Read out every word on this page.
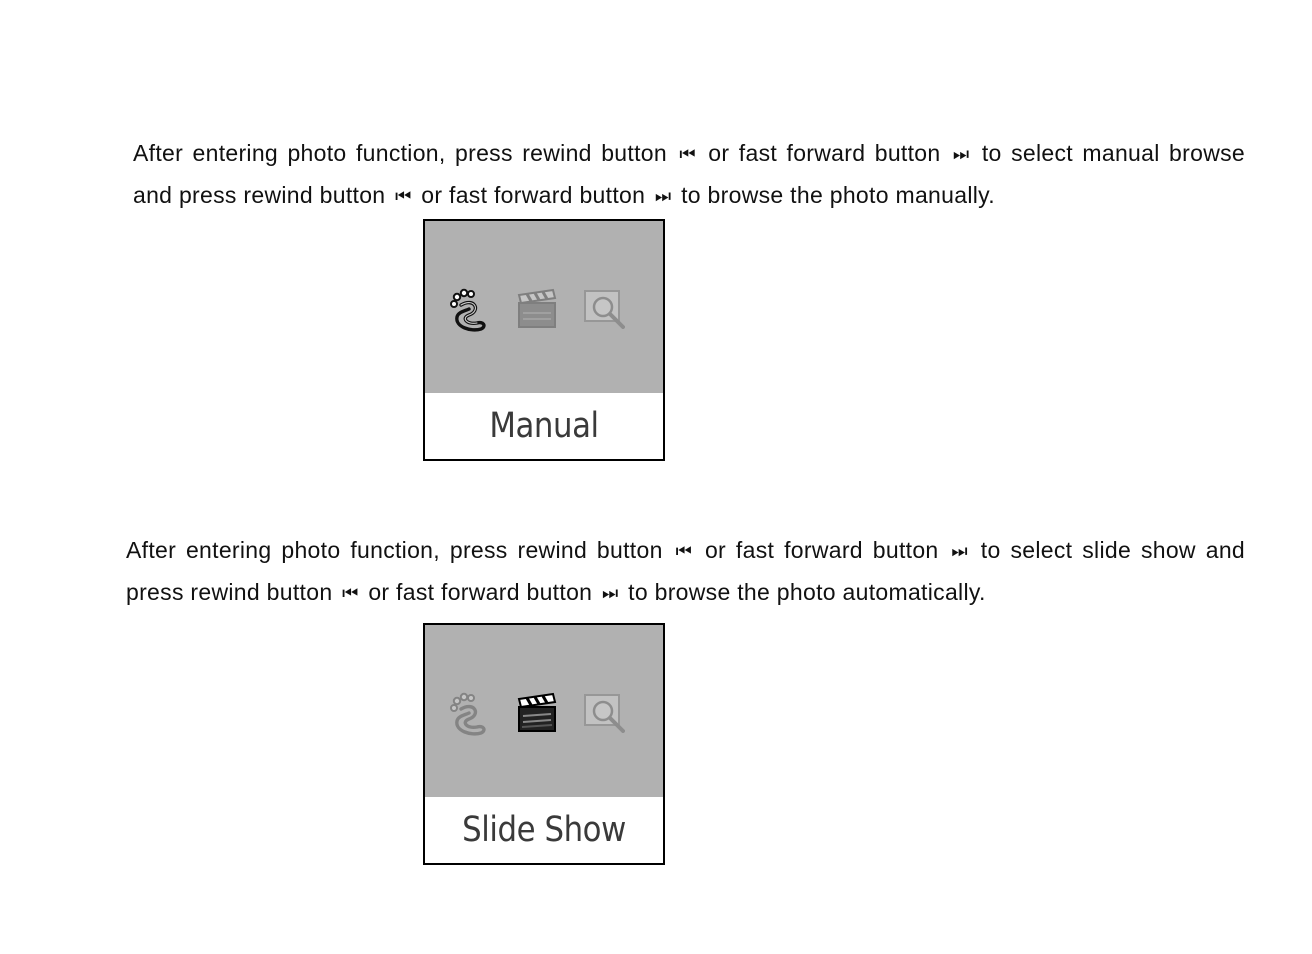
After entering photo function, press rewind button ⏮ or fast forward button ⏭ to select manual browse and press rewind button ⏮ or fast forward button ⏭ to browse the photo manually.

Manual

After entering photo function, press rewind button ⏮ or fast forward button ⏭ to select slide show and press rewind button ⏮ or fast forward button ⏭ to browse the photo automatically.

Slide Show
